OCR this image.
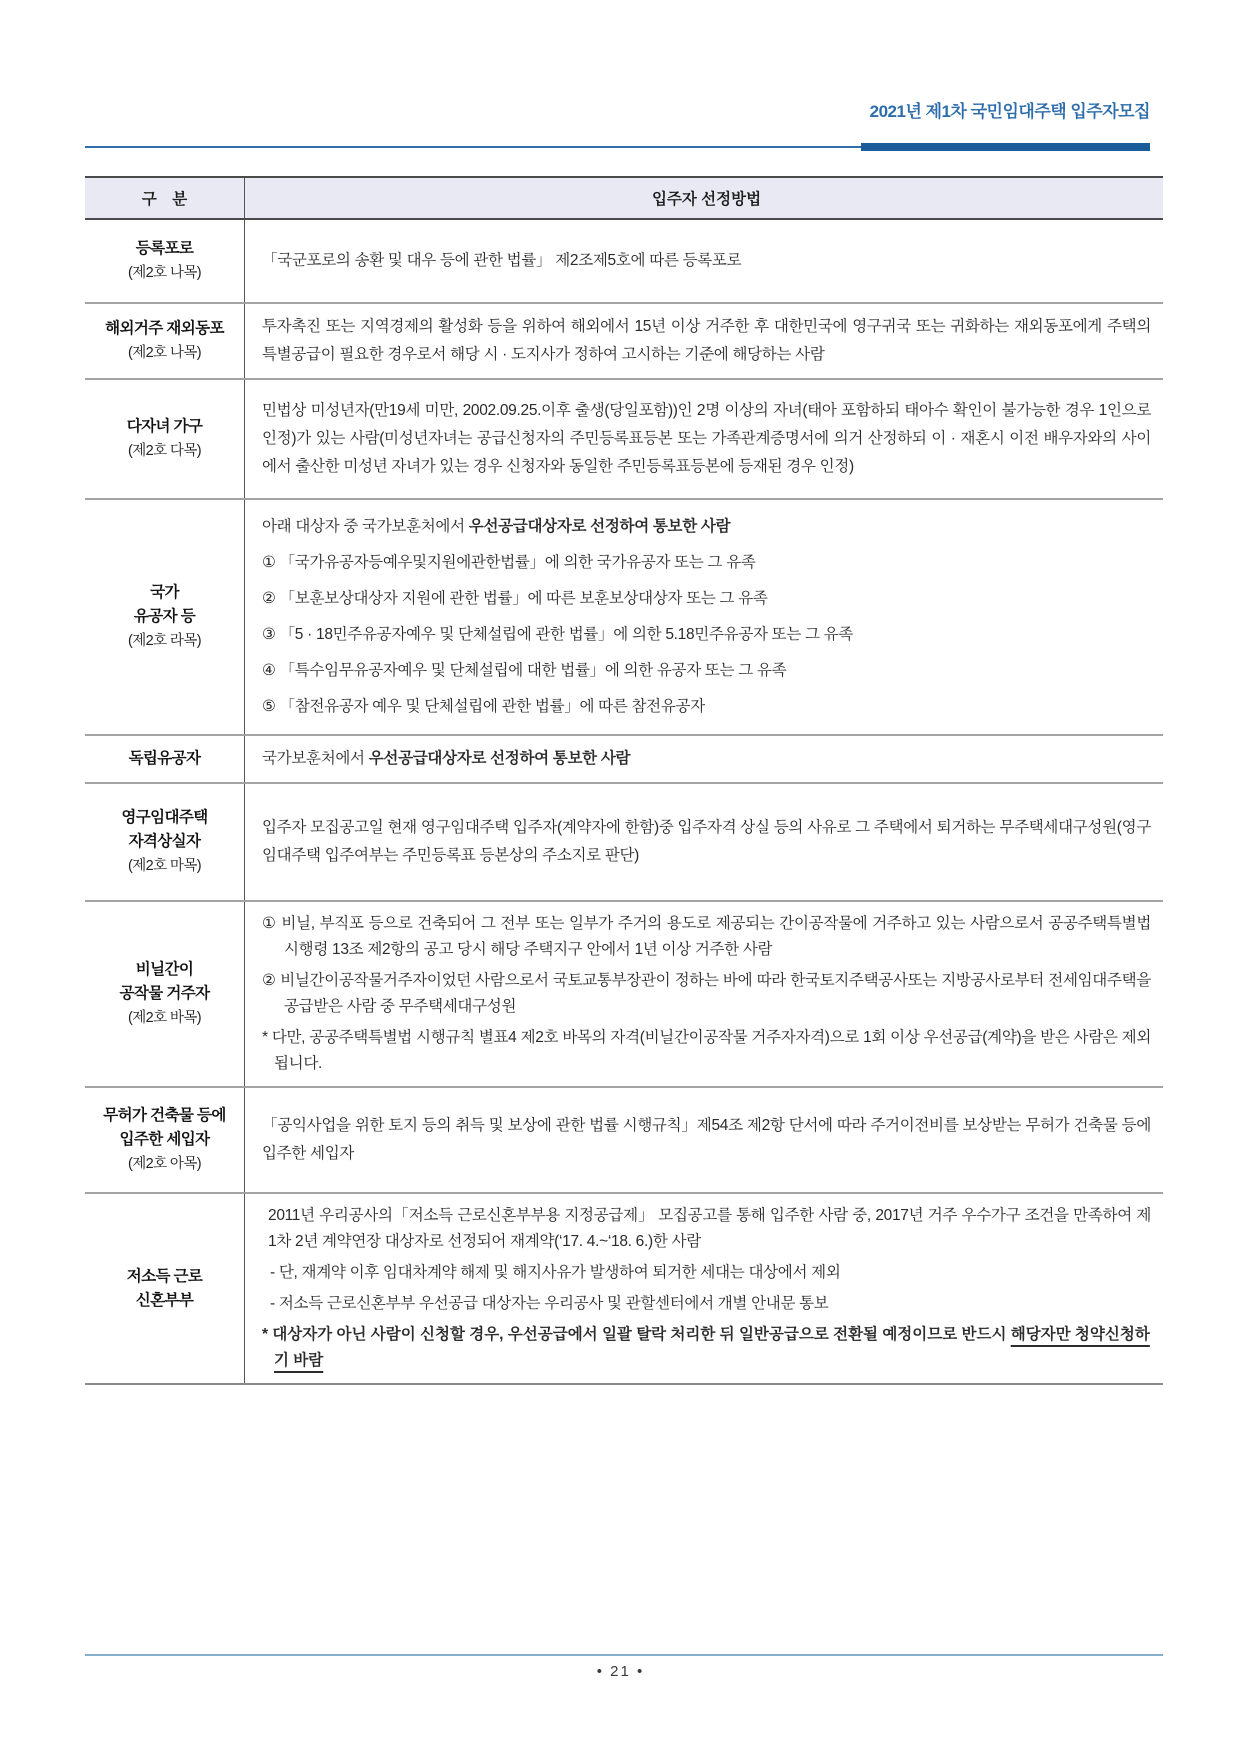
2021년 제1차 국민임대주택 입주자모집
구　분	입주자 선정방법
등록포로
(제2호 나목)
「국군포로의 송환 및 대우 등에 관한 법률」 제2조제5호에 따른 등록포로
해외거주 재외동포
(제2호 나목)
투자촉진 또는 지역경제의 활성화 등을 위하여 해외에서 15년 이상 거주한 후 대한민국에 영구귀국 또는 귀화하는 재외동포에게 주택의 특별공급이 필요한 경우로서 해당 시 · 도지사가 정하여 고시하는 기준에 해당하는 사람
다자녀 가구
(제2호 다목)
민법상 미성년자(만19세 미만, 2002.09.25.이후 출생(당일포함))인 2명 이상의 자녀(태아 포함하되 태아수 확인이 불가능한 경우 1인으로 인정)가 있는 사람(미성년자녀는 공급신청자의 주민등록표등본 또는 가족관계증명서에 의거 산정하되 이 · 재혼시 이전 배우자와의 사이에서 출산한 미성년 자녀가 있는 경우 신청자와 동일한 주민등록표등본에 등재된 경우 인정)
국가
유공자 등
(제2호 라목)
아래 대상자 중 국가보훈처에서 우선공급대상자로 선정하여 통보한 사람
① 「국가유공자등예우및지원에관한법률」에 의한 국가유공자 또는 그 유족
② 「보훈보상대상자 지원에 관한 법률」에 따른 보훈보상대상자 또는 그 유족
③ 「5 · 18민주유공자예우 및 단체설립에 관한 법률」에 의한 5.18민주유공자 또는 그 유족
④ 「특수임무유공자예우 및 단체설립에 대한 법률」에 의한 유공자 또는 그 유족
⑤ 「참전유공자 예우 및 단체설립에 관한 법률」에 따른 참전유공자
독립유공자	국가보훈처에서 우선공급대상자로 선정하여 통보한 사람
영구임대주택
자격상실자
(제2호 마목)
입주자 모집공고일 현재 영구임대주택 입주자(계약자에 한함)중 입주자격 상실 등의 사유로 그 주택에서 퇴거하는 무주택세대구성원(영구임대주택 입주여부는 주민등록표 등본상의 주소지로 판단)
비닐간이
공작물 거주자
(제2호 바목)
① 비닐, 부직포 등으로 건축되어 그 전부 또는 일부가 주거의 용도로 제공되는 간이공작물에 거주하고 있는 사람으로서 공공주택특별법 시행령 13조 제2항의 공고 당시 해당 주택지구 안에서 1년 이상 거주한 사람
② 비닐간이공작물거주자이었던 사람으로서 국토교통부장관이 정하는 바에 따라 한국토지주택공사또는 지방공사로부터 전세임대주택을 공급받은 사람 중 무주택세대구성원
* 다만, 공공주택특별법 시행규칙 별표4 제2호 바목의 자격(비닐간이공작물 거주자자격)으로 1회 이상 우선공급(계약)을 받은 사람은 제외됩니다.
무허가 건축물 등에
입주한 세입자
(제2호 아목)
「공익사업을 위한 토지 등의 취득 및 보상에 관한 법률 시행규칙」제54조 제2항 단서에 따라 주거이전비를 보상받는 무허가 건축물 등에 입주한 세입자
저소득 근로
신혼부부
2011년 우리공사의「저소득 근로신혼부부용 지정공급제」 모집공고를 통해 입주한 사람 중, 2017년 거주 우수가구 조건을 만족하여 제1차 2년 계약연장 대상자로 선정되어 재계약(‘17. 4.~‘18. 6.)한 사람
- 단, 재계약 이후 임대차계약 해제 및 해지사유가 발생하여 퇴거한 세대는 대상에서 제외
- 저소득 근로신혼부부 우선공급 대상자는 우리공사 및 관할센터에서 개별 안내문 통보
* 대상자가 아닌 사람이 신청할 경우, 우선공급에서 일괄 탈락 처리한 뒤 일반공급으로 전환될 예정이므로 반드시 해당자만 청약신청하기 바람
• 21 •
